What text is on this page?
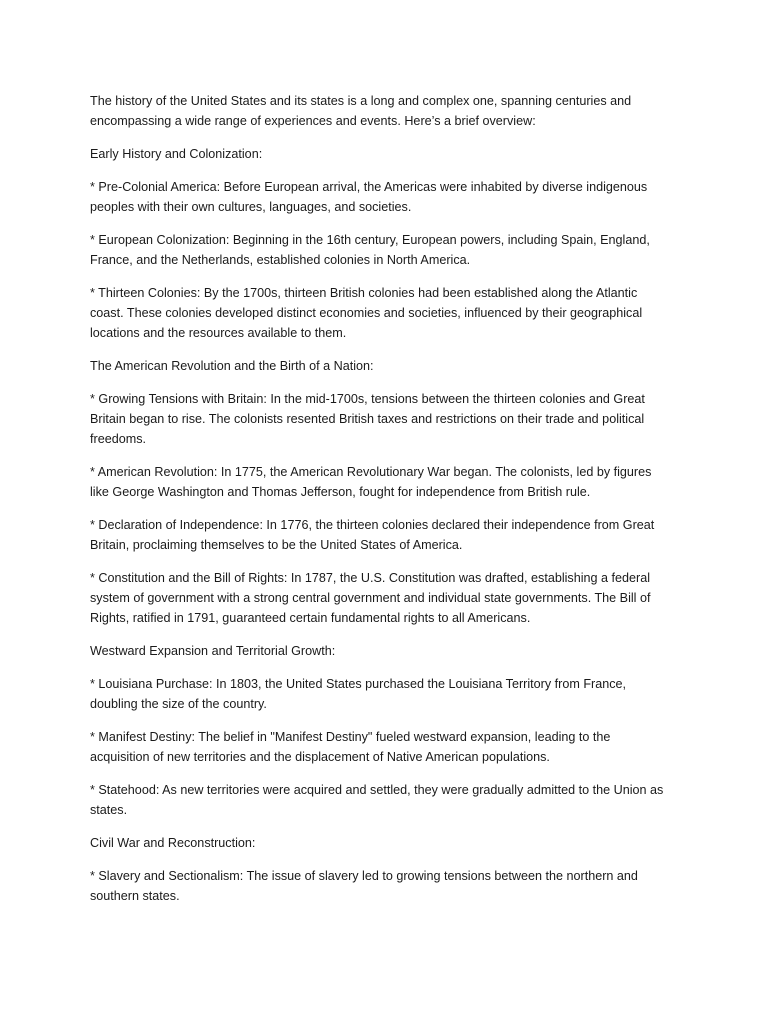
The history of the United States and its states is a long and complex one, spanning centuries and encompassing a wide range of experiences and events. Here’s a brief overview:

Early History and Colonization:

* Pre-Colonial America: Before European arrival, the Americas were inhabited by diverse indigenous peoples with their own cultures, languages, and societies.

* European Colonization: Beginning in the 16th century, European powers, including Spain, England, France, and the Netherlands, established colonies in North America.

* Thirteen Colonies: By the 1700s, thirteen British colonies had been established along the Atlantic coast. These colonies developed distinct economies and societies, influenced by their geographical locations and the resources available to them.

The American Revolution and the Birth of a Nation:

* Growing Tensions with Britain: In the mid-1700s, tensions between the thirteen colonies and Great Britain began to rise. The colonists resented British taxes and restrictions on their trade and political freedoms.

* American Revolution: In 1775, the American Revolutionary War began. The colonists, led by figures like George Washington and Thomas Jefferson, fought for independence from British rule.

* Declaration of Independence: In 1776, the thirteen colonies declared their independence from Great Britain, proclaiming themselves to be the United States of America.

* Constitution and the Bill of Rights: In 1787, the U.S. Constitution was drafted, establishing a federal system of government with a strong central government and individual state governments. The Bill of Rights, ratified in 1791, guaranteed certain fundamental rights to all Americans.

Westward Expansion and Territorial Growth:

* Louisiana Purchase: In 1803, the United States purchased the Louisiana Territory from France, doubling the size of the country.

* Manifest Destiny: The belief in "Manifest Destiny" fueled westward expansion, leading to the acquisition of new territories and the displacement of Native American populations.

* Statehood: As new territories were acquired and settled, they were gradually admitted to the Union as states.

Civil War and Reconstruction:

* Slavery and Sectionalism: The issue of slavery led to growing tensions between the northern and southern states.
